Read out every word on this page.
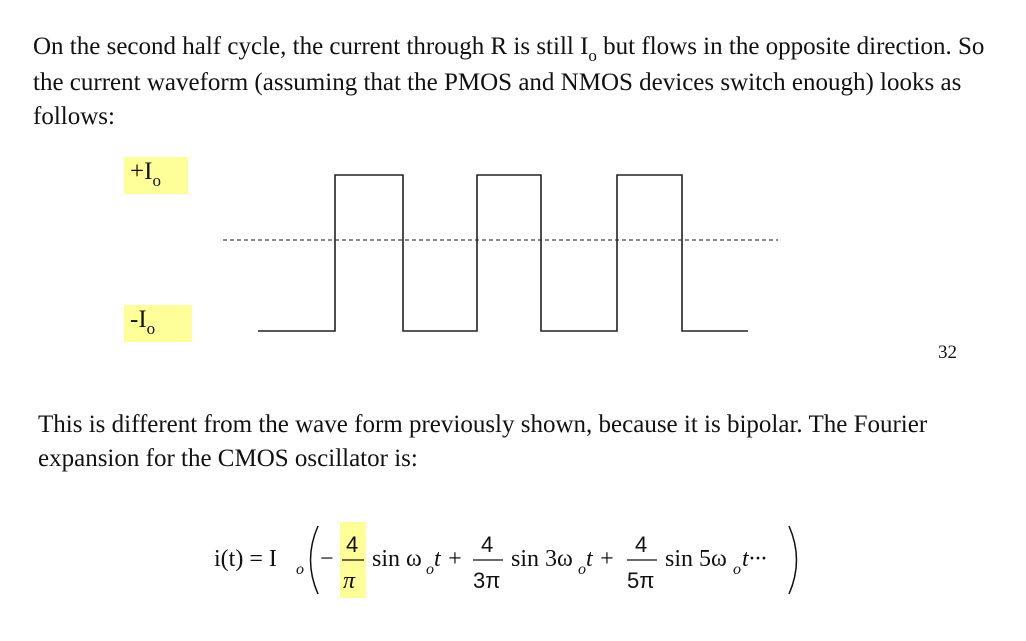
On the second half cycle, the current through R is still $I_o$ but flows in the opposite direction. So the current waveform (assuming that the PMOS and NMOS devices switch enough) looks as follows:

$+I_o$
$-I_o$
32

This is different from the wave form previously shown, because it is bipolar. The Fourier expansion for the CMOS oscillator is:

i(t) = I o −
4
π
sin ω o t +
4
3π
sin 3ω o t +
4
5π
sin 5ω o t···
